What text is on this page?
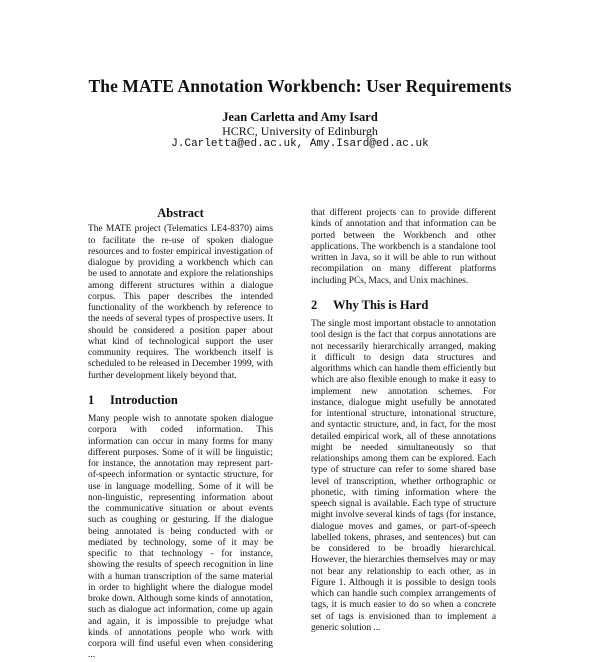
The MATE Annotation Workbench: User Requirements
Jean Carletta and Amy Isard
HCRC, University of Edinburgh
J.Carletta@ed.ac.uk, Amy.Isard@ed.ac.uk
Abstract

The MATE project (Telematics LE4-8370) aims to facilitate the re-use of spoken dialogue resources and to foster empirical investigation of dialogue by providing a workbench which can be used to annotate and explore the relationships among different structures within a dialogue corpus. This paper describes the intended functionality of the workbench by reference to the needs of several types of prospective users. It should be considered a position paper about what kind of technological support the user community requires. The workbench itself is scheduled to be released in December 1999, with further development likely beyond that.

1 Introduction

Many people wish to annotate spoken dialogue corpora with coded information. This information can occur in many forms for many different purposes. Some of it will be linguistic; for instance, the annotation may represent part-of-speech information or syntactic structure, for use in language modelling. Some of it will be non-linguistic, representing information about the communicative situation or about events such as coughing or gesturing. If the dialogue being annotated is being conducted with or mediated by technology, some of it may be specific to that technology - for instance, showing the results of speech recognition in line with a human transcription of the same material in order to highlight where the dialogue model broke down. Although some kinds of annotation, such as dialogue act information, come up again and again, it is impossible to prejudge what kinds of annotations people who work with corpora will find useful even when considering ...

that different projects can to provide different kinds of annotation and that information can be ported between the Workbench and other applications. The workbench is a standalone tool written in Java, so it will be able to run without recompilation on many different platforms including PCs, Macs, and Unix machines.

2 Why This is Hard

The single most important obstacle to annotation tool design is the fact that corpus annotations are not necessarily hierarchically arranged, making it difficult to design data structures and algorithms which can handle them efficiently but which are also flexible enough to make it easy to implement new annotation schemes. For instance, dialogue might usefully be annotated for intentional structure, intonational structure, and syntactic structure, and, in fact, for the most detailed empirical work, all of these annotations might be needed simultaneously so that relationships among them can be explored. Each type of structure can refer to some shared base level of transcription, whether orthographic or phonetic, with timing information where the speech signal is available. Each type of structure might involve several kinds of tags (for instance, dialogue moves and games, or part-of-speech labelled tokens, phrases, and sentences) but can be considered to be broadly hierarchical. However, the hierarchies themselves may or may not bear any relationship to each other, as in Figure 1. Although it is possible to design tools which can handle such complex arrangements of tags, it is much easier to do so when a concrete set of tags is envisioned than to implement a generic solution ...
